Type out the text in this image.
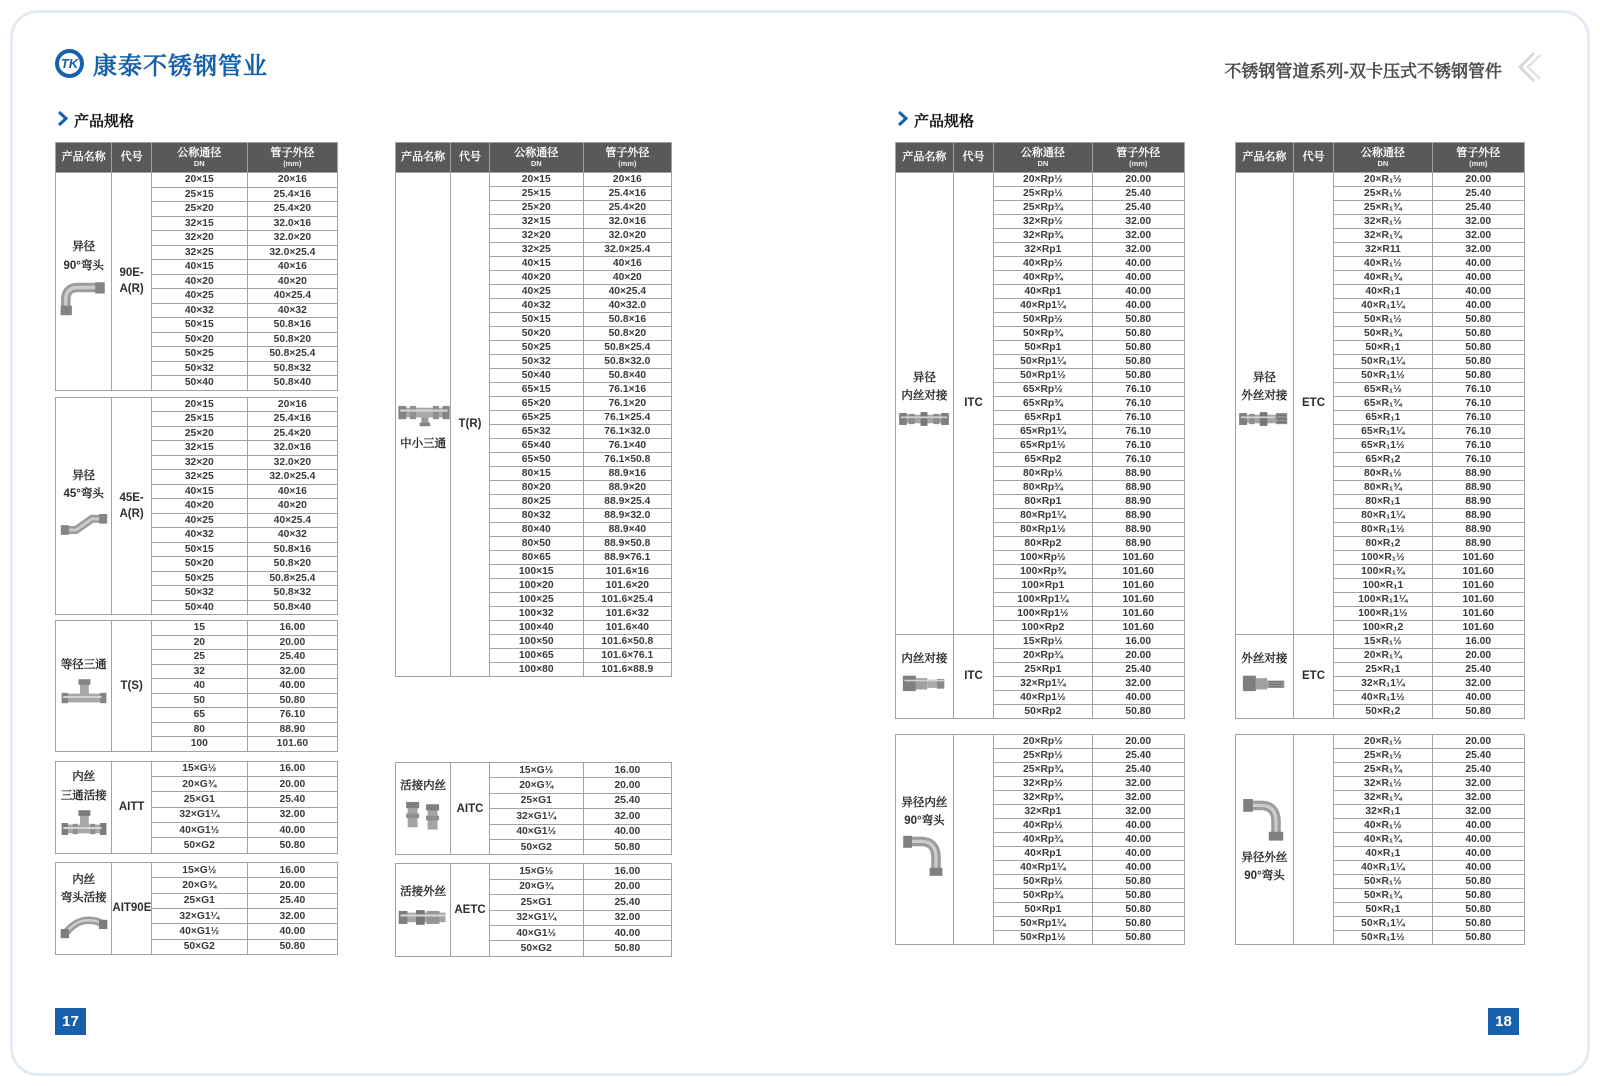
TK 康泰不锈钢管业	不锈钢管道系列-双卡压式不锈钢管件
产品规格	产品规格
产品名称	代号	公称通径
DN

管子外径
(mm)

异径
90°弯头

90E-
A(R)
	20×15	20×16
		25×15	25.4×16
		25×20	25.4×20
		32×15	32.0×16
		32×20	32.0×20
		32×25	32.0×25.4
		40×15	40×16
		40×20	40×20
		40×25	40×25.4
		40×32	40×32
		50×15	50.8×16
		50×20	50.8×20
		50×25	50.8×25.4
		50×32	50.8×32
		50×40	50.8×40
异径
45°弯头	45E-
A(R)
	20×15	20×16
		25×15	25.4×16
		25×20	25.4×20
		32×15	32.0×16
		32×20	32.0×20
		32×25	32.0×25.4
		40×15	40×16
		40×20	40×20
		40×25	40×25.4
		40×32	40×32
		50×15	50.8×16
		50×20	50.8×20
		50×25	50.8×25.4
		50×32	50.8×32
		50×40	50.8×40
等径三通	T(S)	15	16.00
		20	20.00
		25	25.40
		32	32.00
		40	40.00
		50	50.80
		65	76.10
		80	88.90
		100	101.60
内丝
三通活接	AITT	15×G½	16.00
		20×G¾	20.00
		25×G1	25.40
		32×G1¼	32.00
		40×G1½	40.00
		50×G2	50.80
内丝
弯头活接	AIT90E	15×G½	16.00
		20×G¾	20.00
		25×G1	25.40
		32×G1¼	32.00
		40×G1½	40.00
		50×G2	50.80
产品名称	代号	公称通径
DN

管子外径
(mm)

中小三通	T(R)	20×15	20×16
		25×15	25.4×16
		25×20	25.4×20
		32×15	32.0×16
		32×20	32.0×20
		32×25	32.0×25.4
		40×15	40×16
		40×20	40×20
		40×25	40×25.4
		40×32	40×32.0
		50×15	50.8×16
		50×20	50.8×20
		50×25	50.8×25.4
		50×32	50.8×32.0
		50×40	50.8×40
		65×15	76.1×16
		65×20	76.1×20
		65×25	76.1×25.4
		65×32	76.1×32.0
		65×40	76.1×40
		65×50	76.1×50.8
		80×15	88.9×16
		80×20	88.9×20
		80×25	88.9×25.4
		80×32	88.9×32.0
		80×40	88.9×40
		80×50	88.9×50.8
		80×65	88.9×76.1
		100×15	101.6×16
		100×20	101.6×20
		100×25	101.6×25.4
		100×32	101.6×32
		100×40	101.6×40
		100×50	101.6×50.8
		100×65	101.6×76.1
		100×80	101.6×88.9
活接内丝	AITC	15×G½	16.00
		20×G¾	20.00
		25×G1	25.40
		32×G1¼	32.00
		40×G1½	40.00
		50×G2	50.80
活接外丝	AETC	15×G½	16.00
		20×G¾	20.00
		25×G1	25.40
		32×G1¼	32.00
		40×G1½	40.00
		50×G2	50.80
产品名称	代号	公称通径
DN

管子外径
(mm)

异径
内丝对接	ITC	20×Rp½	20.00
		25×Rp½	25.40
		25×Rp¾	25.40
		32×Rp½	32.00
		32×Rp¾	32.00
		32×Rp1	32.00
		40×Rp½	40.00
		40×Rp¾	40.00
		40×Rp1	40.00
		40×Rp1¼	40.00
		50×Rp½	50.80
		50×Rp¾	50.80
		50×Rp1	50.80
		50×Rp1¼	50.80
		50×Rp1½	50.80
		65×Rp½	76.10
		65×Rp¾	76.10
		65×Rp1	76.10
		65×Rp1¼	76.10
		65×Rp1½	76.10
		65×Rp2	76.10
		80×Rp½	88.90
		80×Rp¾	88.90
		80×Rp1	88.90
		80×Rp1¼	88.90
		80×Rp1½	88.90
		80×Rp2	88.90
		100×Rp½	101.60
		100×Rp¾	101.60
		100×Rp1	101.60
		100×Rp1¼	101.60
		100×Rp1½	101.60
		100×Rp2	101.60

内丝对接	ITC	15×Rp½	16.00
		20×Rp¾	20.00
		25×Rp1	25.40
		32×Rp1¼	32.00
		40×Rp1½	40.00
		50×Rp2	50.80
异径内丝
90°弯头		20×Rp½	20.00
		25×Rp½	25.40
		25×Rp¾	25.40
		32×Rp½	32.00
		32×Rp¾	32.00
		32×Rp1	32.00
		40×Rp½	40.00
		40×Rp¾	40.00
		40×Rp1	40.00
		40×Rp1¼	40.00
		50×Rp½	50.80
		50×Rp¾	50.80
		50×Rp1	50.80
		50×Rp1¼	50.80
		50×Rp1½	50.80
产品名称	代号	公称通径
DN

管子外径
(mm)

异径
外丝对接	ETC	20×R₁½	20.00
		25×R₁½	25.40
		25×R₁¾	25.40
		32×R₁½	32.00
		32×R₁¾	32.00
		32×R11	32.00
		40×R₁½	40.00
		40×R₁¾	40.00
		40×R₁1	40.00
		40×R₁1¼	40.00
		50×R₁½	50.80
		50×R₁¾	50.80
		50×R₁1	50.80
		50×R₁1¼	50.80
		50×R₁1½	50.80
		65×R₁½	76.10
		65×R₁¾	76.10
		65×R₁1	76.10
		65×R₁1¼	76.10
		65×R₁1½	76.10
		65×R₁2	76.10
		80×R₁½	88.90
		80×R₁¾	88.90
		80×R₁1	88.90
		80×R₁1¼	88.90
		80×R₁1½	88.90
		80×R₁2	88.90
		100×R₁½	101.60
		100×R₁¾	101.60
		100×R₁1	101.60
		100×R₁1¼	101.60
		100×R₁1½	101.60
		100×R₁2	101.60

外丝对接	ETC	15×R₁½	16.00
		20×R₁¾	20.00
		25×R₁1	25.40
		32×R₁1¼	32.00
		40×R₁1½	40.00
		50×R₁2	50.80
异径外丝
90°弯头		20×R₁½	20.00
		25×R₁½	25.40
		25×R₁¾	25.40
		32×R₁½	32.00
		32×R₁¾	32.00
		32×R₁1	32.00
		40×R₁½	40.00
		40×R₁¾	40.00
		40×R₁1	40.00
		40×R₁1¼	40.00
		50×R₁½	50.80
		50×R₁¾	50.80
		50×R₁1	50.80
		50×R₁1¼	50.80
		50×R₁1½	50.80
17	18
